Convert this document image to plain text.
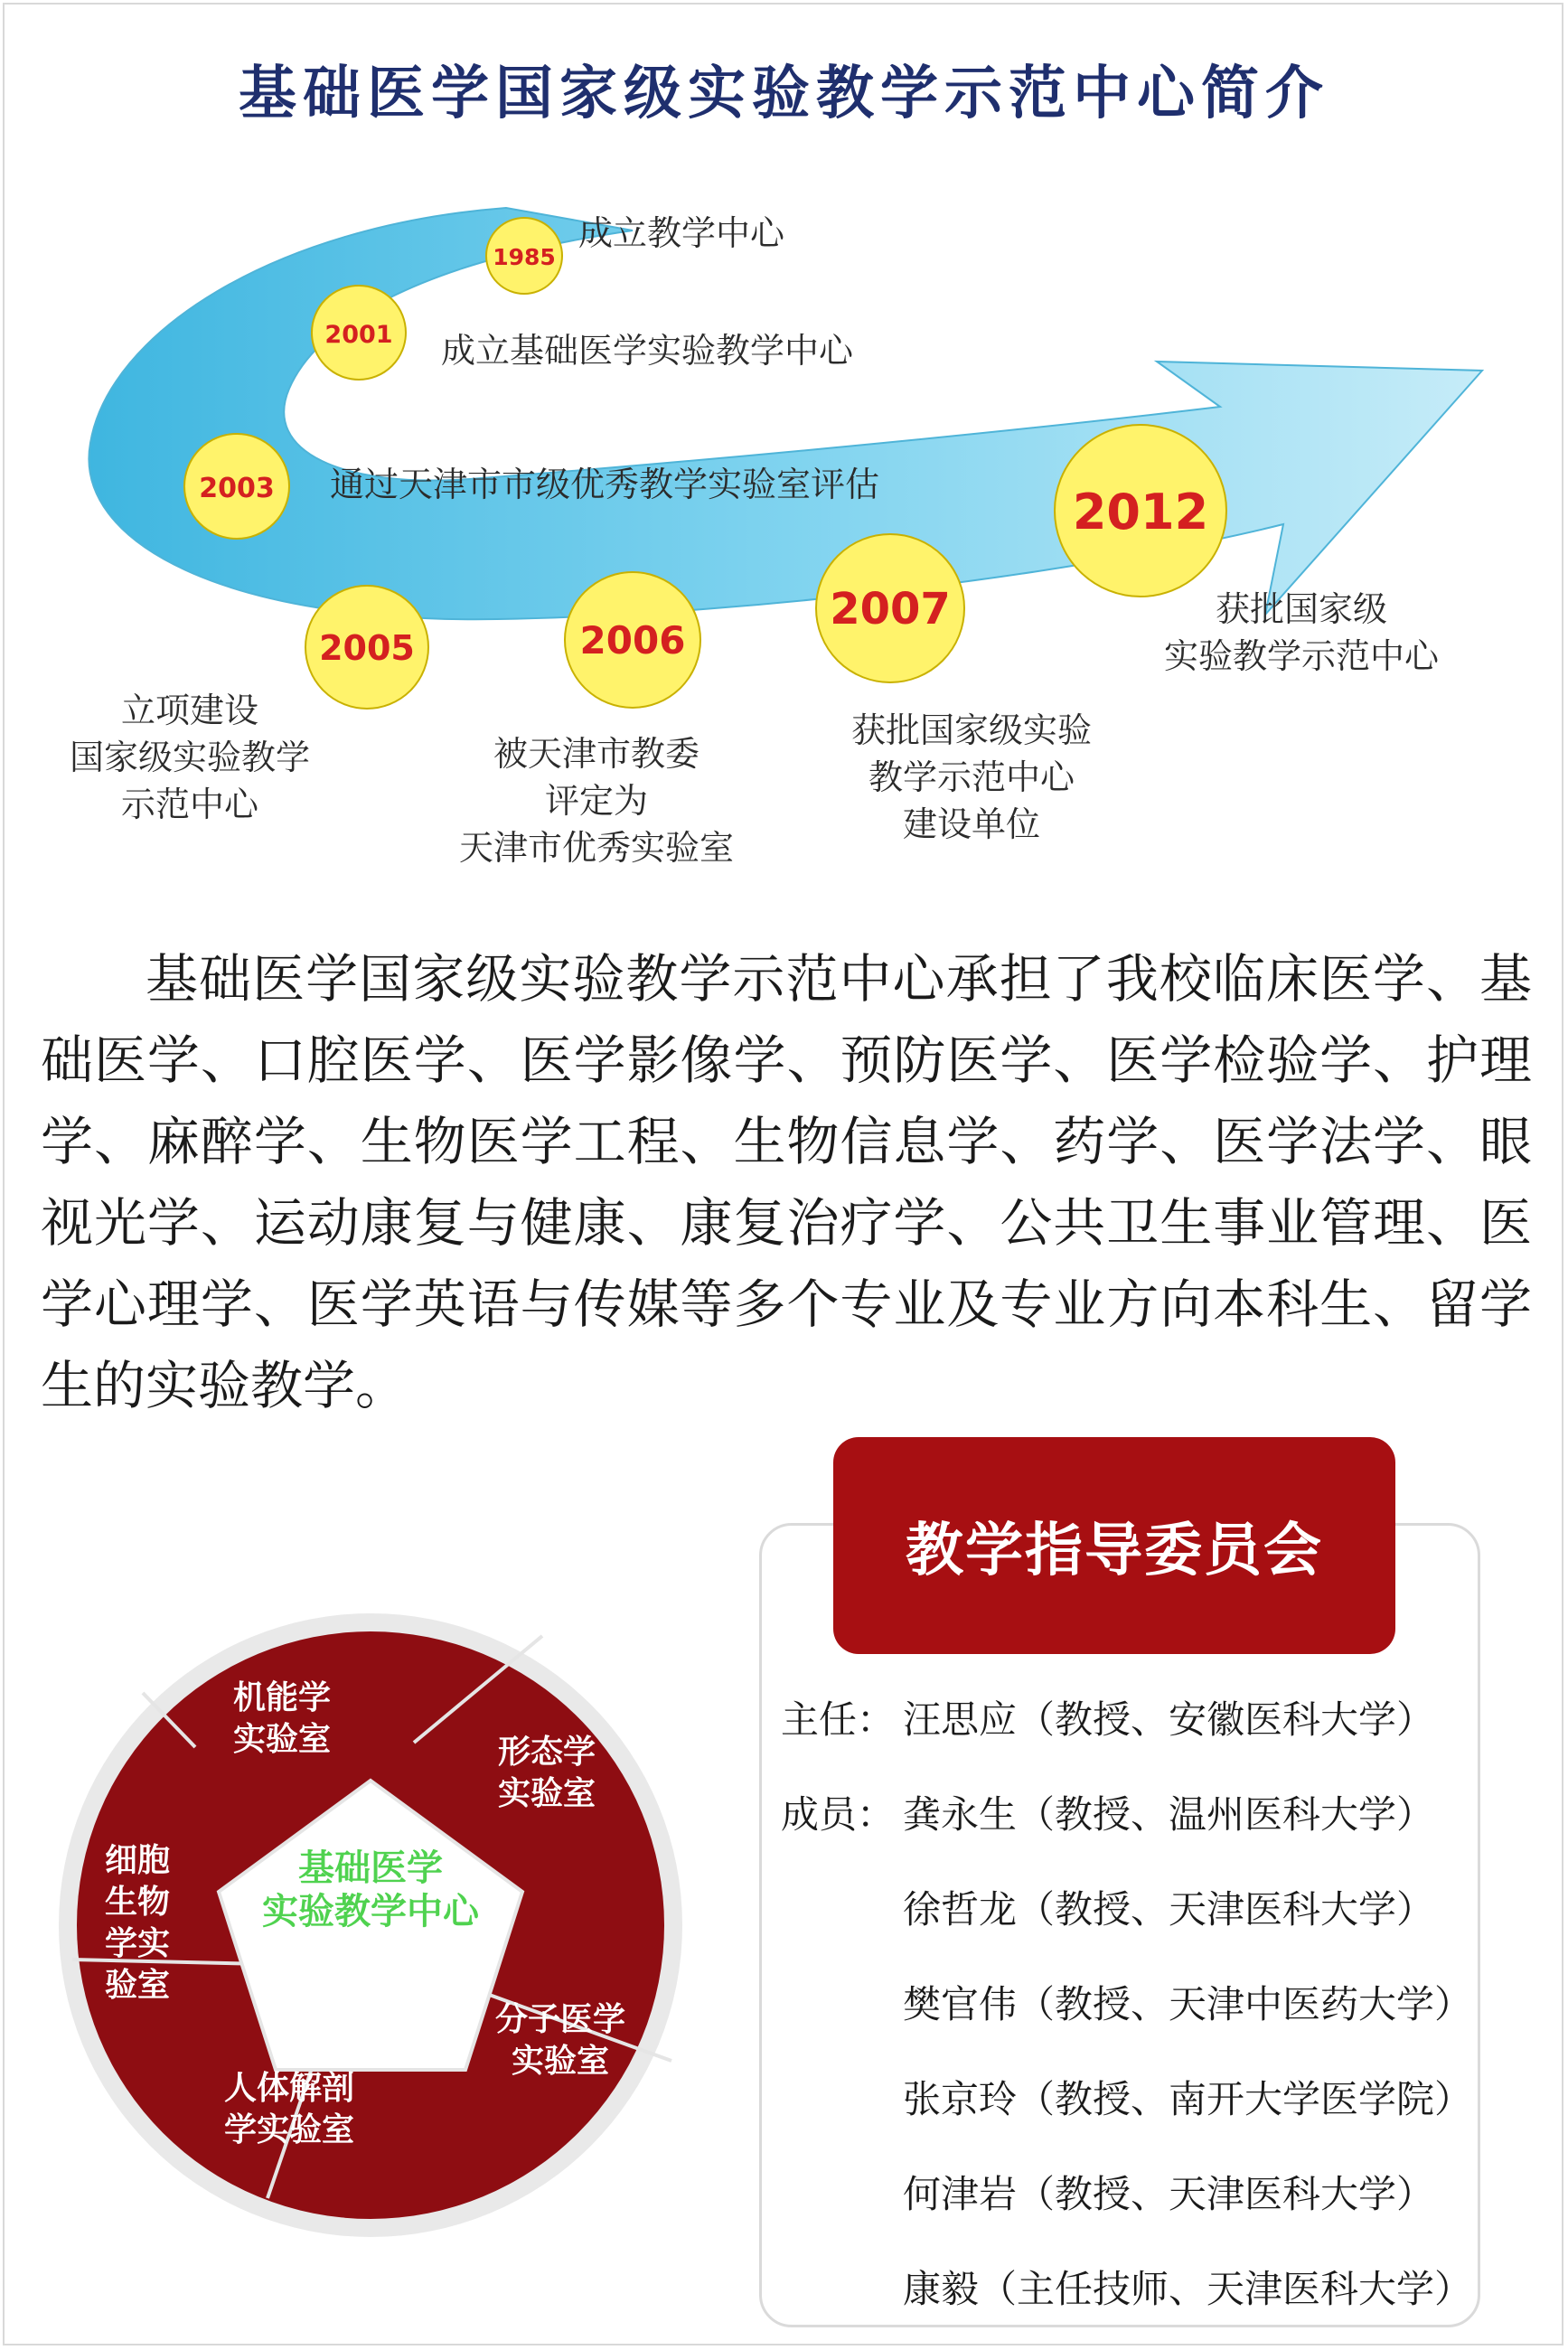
基础医学国家级实验教学示范中心简介
1985
2001
2003
2005	2006
2007
2012
成立教学中心
成立基础医学实验教学中心
通过天津市市级优秀教学实验室评估
立项建设
国家级实验教学
示范中心
被天津市教委
评定为
天津市优秀实验室
获批国家级实验
教学示范中心
建设单位
获批国家级
实验教学示范中心
基础医学国家级实验教学示范中心承担了我校临床医学、基础医学、口腔医学、医学影像学、预防医学、医学检验学、护理学、麻醉学、生物医学工程、生物信息学、药学、医学法学、眼视光学、运动康复与健康、康复治疗学、公共卫生事业管理、医学心理学、医学英语与传媒等多个专业及专业方向本科生、留学生的实验教学。
基础医学
实验教学中心
机能学
实验室	形态学
实验室
分子医学
实验室
人体解剖
学实验室
细胞
生物
学实
验室
教学指导委员会
主任： 汪思应（教授、安徽医科大学）
成员： 龚永生（教授、温州医科大学）
徐哲龙（教授、天津医科大学）
樊官伟（教授、天津中医药大学）
张京玲（教授、南开大学医学院）
何津岩（教授、天津医科大学）
康毅（主任技师、天津医科大学）
